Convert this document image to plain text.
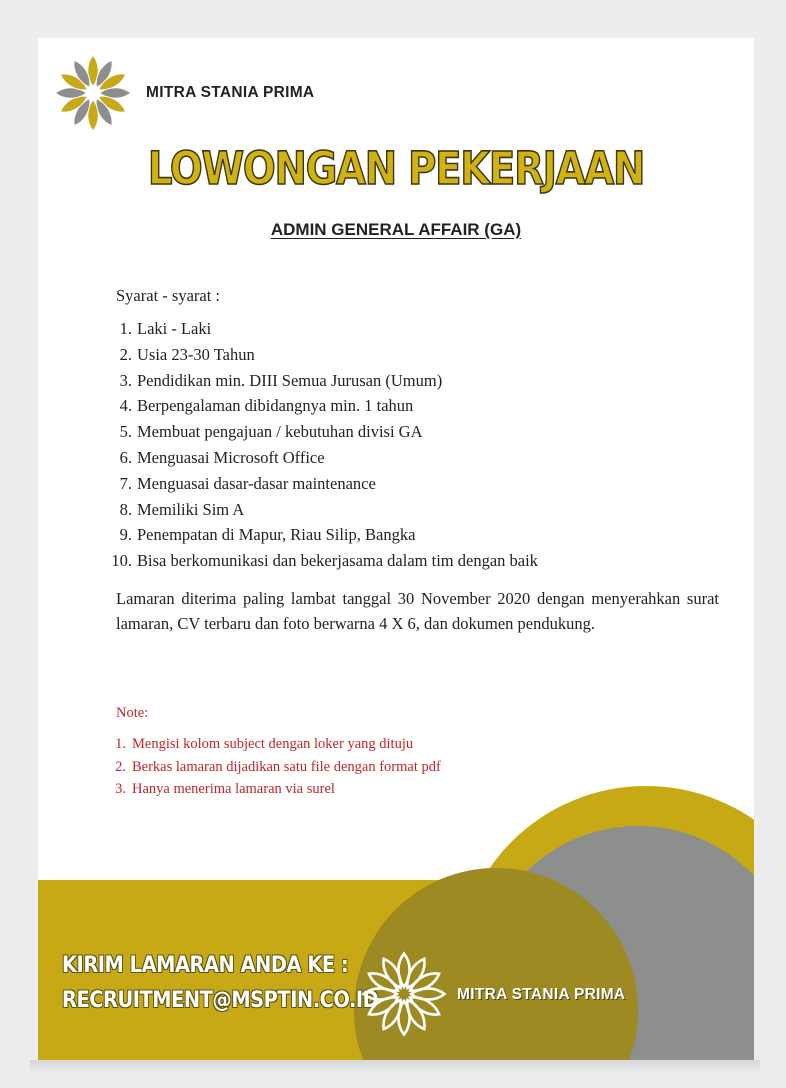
MITRA STANIA PRIMA
LOWONGAN PEKERJAAN
ADMIN GENERAL AFFAIR (GA)
Syarat - syarat :
1. Laki - Laki
2. Usia 23-30 Tahun
3. Pendidikan min. DIII Semua Jurusan (Umum)
4. Berpengalaman dibidangnya min. 1 tahun
5. Membuat pengajuan / kebutuhan divisi GA
6. Menguasai Microsoft Office
7. Menguasai dasar-dasar maintenance
8. Memiliki Sim A
9. Penempatan di Mapur, Riau Silip, Bangka
10. Bisa berkomunikasi dan bekerjasama dalam tim dengan baik
Lamaran diterima paling lambat tanggal 30 November 2020 dengan menyerahkan surat lamaran, CV terbaru dan foto berwarna 4 X 6, dan dokumen pendukung.
Note:
1. Mengisi kolom subject dengan loker yang dituju
2. Berkas lamaran dijadikan satu file dengan format pdf
3. Hanya menerima lamaran via surel
KIRIM LAMARAN ANDA KE :
RECRUITMENT@MSPTIN.CO.ID	MITRA STANIA PRIMA
